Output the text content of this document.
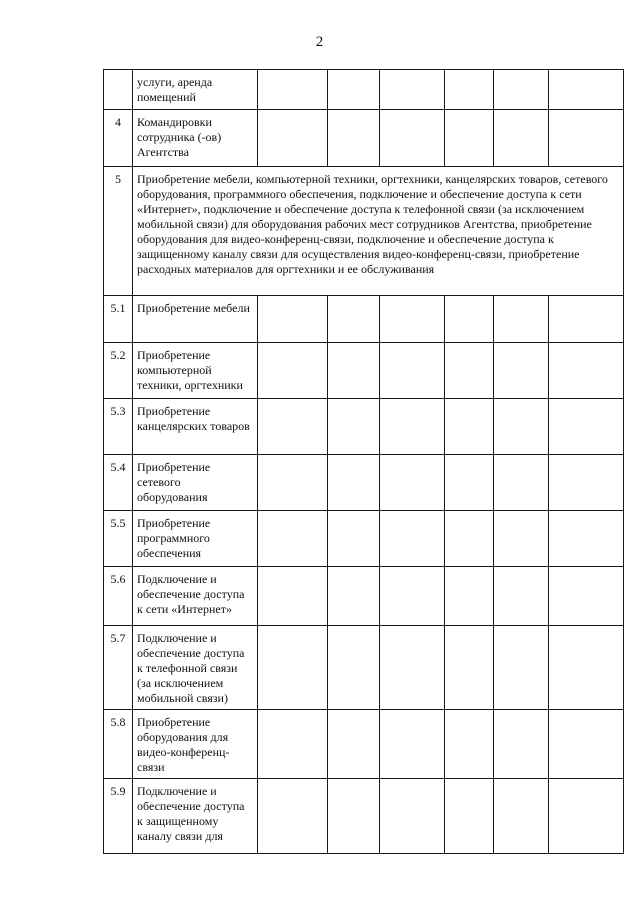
2
	услуги, аренда помещений						
4	Командировки сотрудника (-ов) Агентства						
5	Приобретение мебели, компьютерной техники, оргтехники, канцелярских товаров, сетевого оборудования, программного обеспечения, подключение и обеспечение доступа к сети «Интернет», подключение и обеспечение доступа к телефонной связи (за исключением мобильной связи) для оборудования рабочих мест сотрудников Агентства, приобретение оборудования для видео-конференц-связи, подключение и обеспечение доступа к защищенному каналу связи для осуществления видео-конференц-связи, приобретение расходных материалов для оргтехники и ее обслуживания						
5.1	Приобретение мебели						
5.2	Приобретение компьютерной техники, оргтехники						
5.3	Приобретение канцелярских товаров						
5.4	Приобретение сетевого оборудования						
5.5	Приобретение программного обеспечения						
5.6	Подключение и обеспечение доступа к сети «Интернет»						
5.7	Подключение и обеспечение доступа к телефонной связи (за исключением мобильной связи)						
5.8	Приобретение оборудования для видео-конференц-связи						
5.9	Подключение и обеспечение доступа к защищенному каналу связи для						
